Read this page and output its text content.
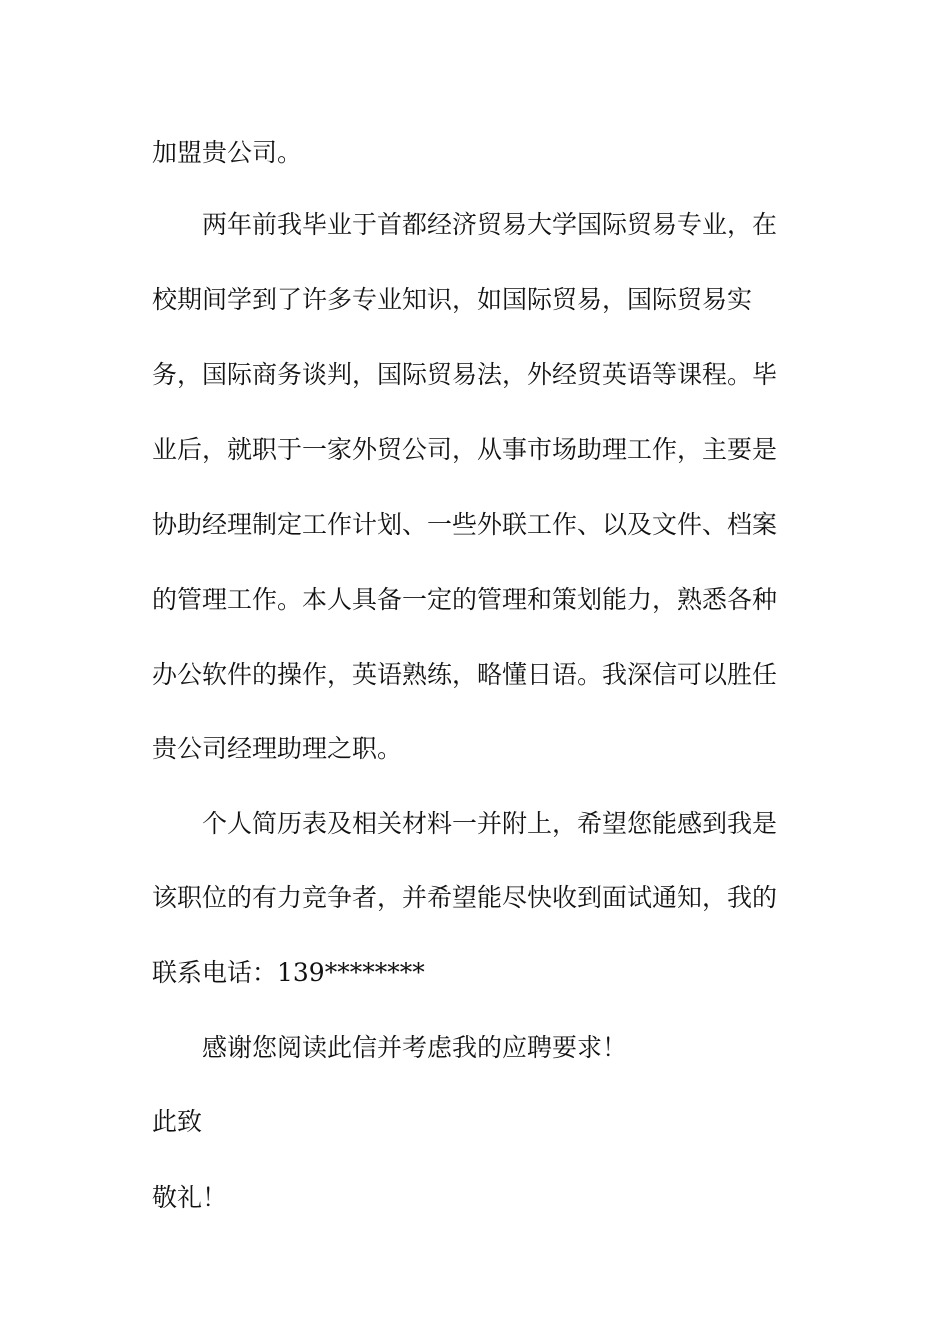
加盟贵公司。

两年前我毕业于首都经济贸易大学国际贸易专业，在

校期间学到了许多专业知识，如国际贸易，国际贸易实

务，国际商务谈判，国际贸易法，外经贸英语等课程。毕

业后，就职于一家外贸公司，从事市场助理工作，主要是

协助经理制定工作计划、一些外联工作、以及文件、档案

的管理工作。本人具备一定的管理和策划能力，熟悉各种

办公软件的操作，英语熟练，略懂日语。我深信可以胜任

贵公司经理助理之职。

个人简历表及相关材料一并附上，希望您能感到我是

该职位的有力竞争者，并希望能尽快收到面试通知，我的

联系电话：139********

感谢您阅读此信并考虑我的应聘要求！

此致

敬礼！
